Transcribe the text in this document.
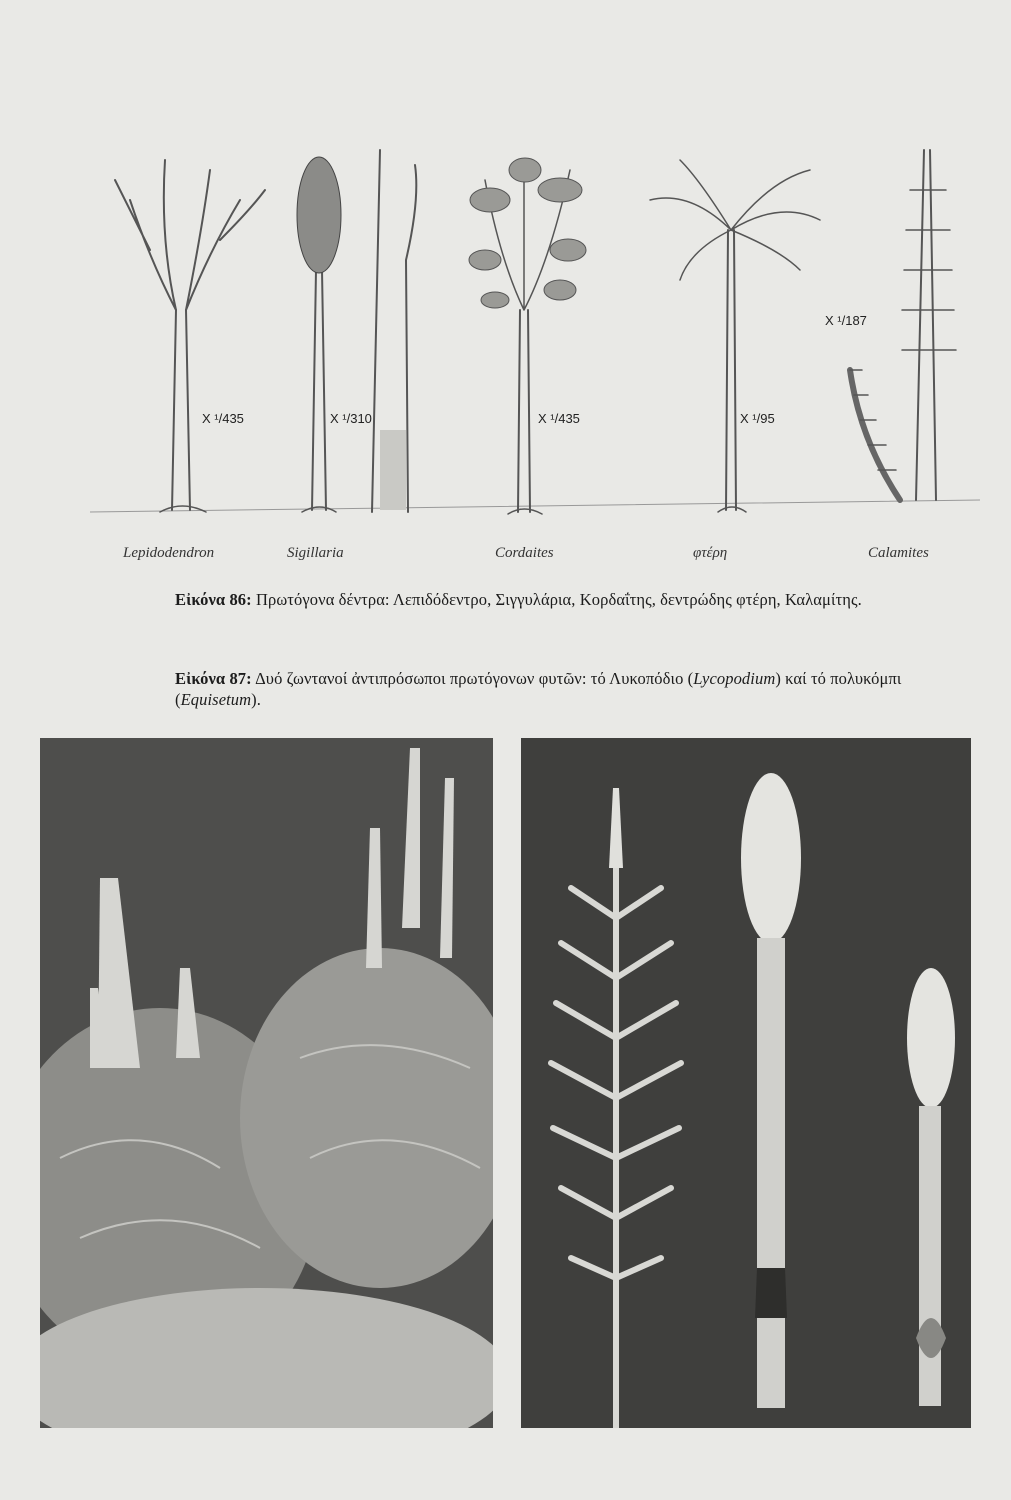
X ¹/435	X ¹/310	X ¹/435	X ¹/95
X ¹/187
Lepidodendron	Sigillaria	Cordaites	φτέρη	Calamites
Εἰκόνα 86: Πρωτόγονα δέντρα: Λεπιδόδεντρο, Σιγγυλάρια, Κορδαΐτης, δεντρώδης φτέρη, Καλαμίτης.
Εἰκόνα 87: Δυό ζωντανοί ἀντιπρόσωποι πρωτόγονων φυτῶν: τό Λυκοπόδιο (Lycopodium) καί τό πολυκόμπι (Equisetum).
